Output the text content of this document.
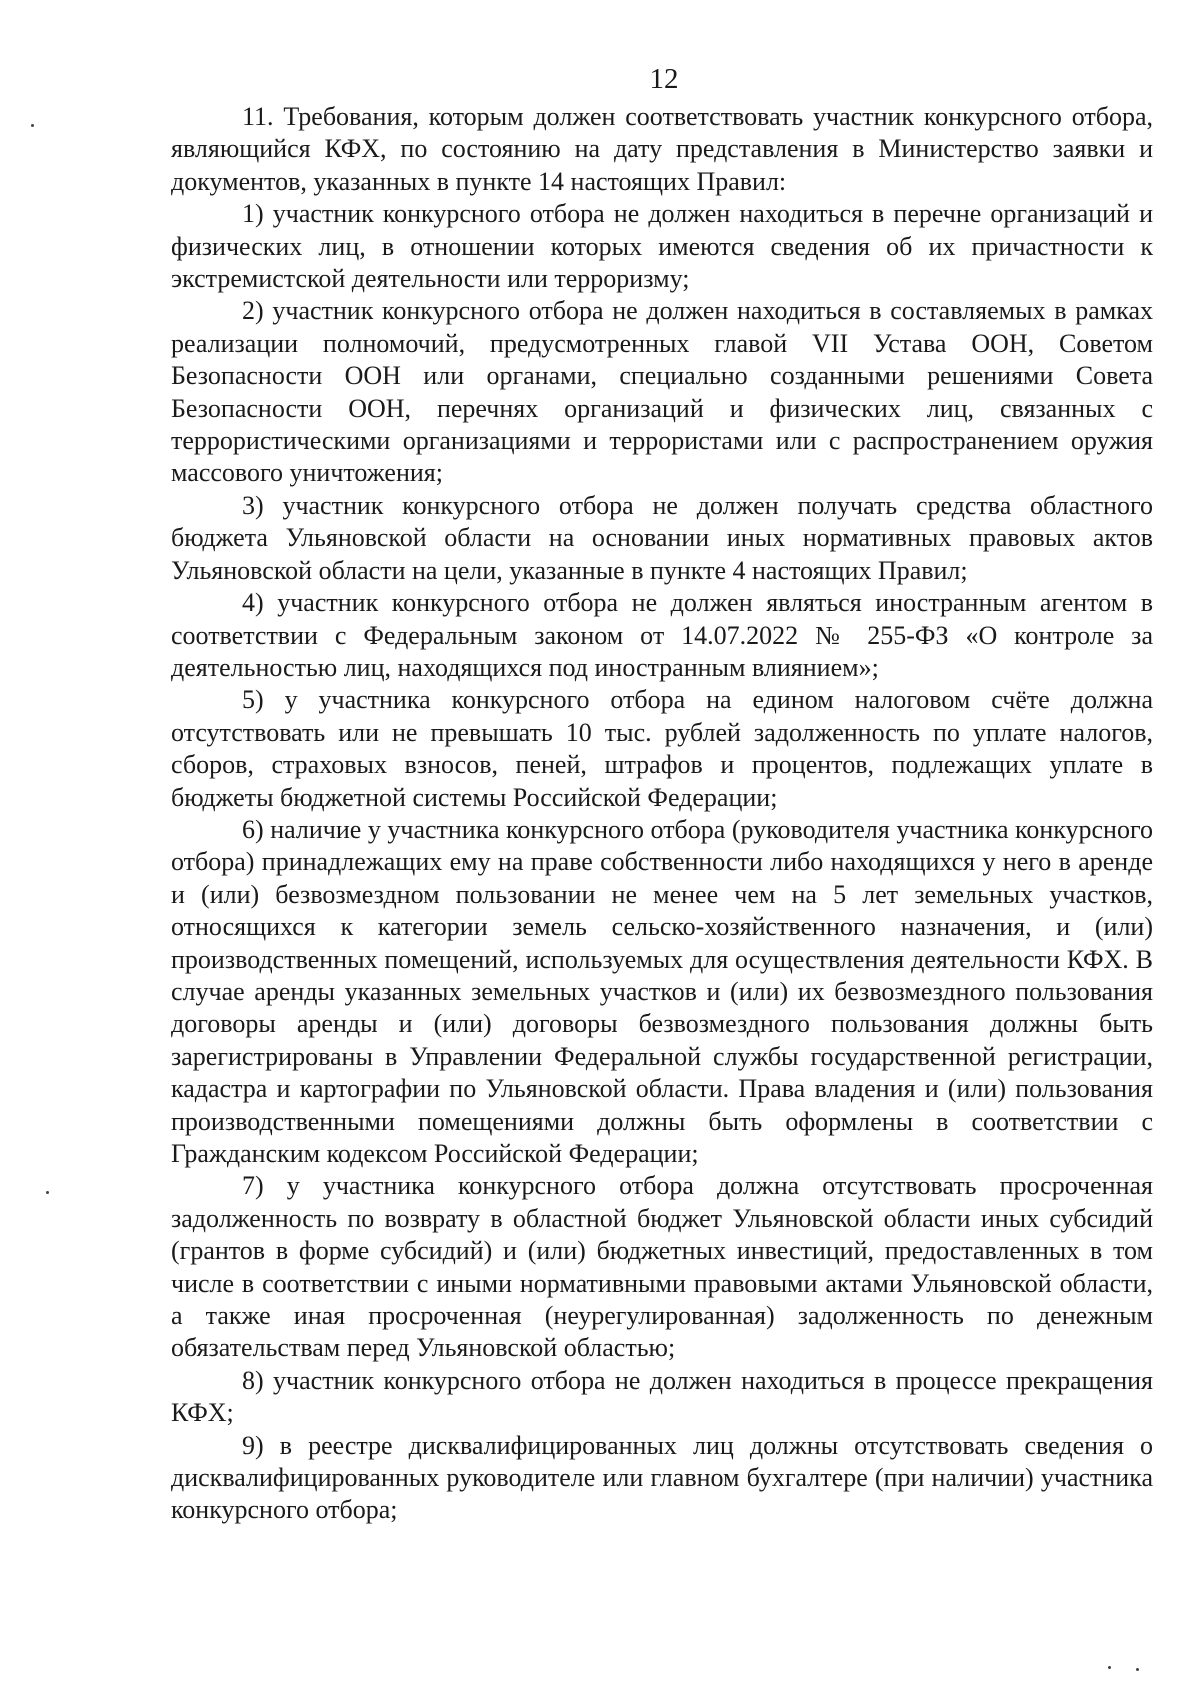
12

11. Требования, которым должен соответствовать участник конкурсного отбора, являющийся КФХ, по состоянию на дату представления в Министерство заявки и документов, указанных в пункте 14 настоящих Правил:

1) участник конкурсного отбора не должен находиться в перечне организаций и физических лиц, в отношении которых имеются сведения об их причастности к экстремистской деятельности или терроризму;

2) участник конкурсного отбора не должен находиться в составляемых в рамках реализации полномочий, предусмотренных главой VII Устава ООН, Советом Безопасности ООН или органами, специально созданными решениями Совета Безопасности ООН, перечнях организаций и физических лиц, связанных с террористическими организациями и террористами или с распространением оружия массового уничтожения;

3) участник конкурсного отбора не должен получать средства областного бюджета Ульяновской области на основании иных нормативных правовых актов Ульяновской области на цели, указанные в пункте 4 настоящих Правил;

4) участник конкурсного отбора не должен являться иностранным агентом в соответствии с Федеральным законом от 14.07.2022 № 255-ФЗ «О контроле за деятельностью лиц, находящихся под иностранным влиянием»;

5) у участника конкурсного отбора на едином налоговом счёте должна отсутствовать или не превышать 10 тыс. рублей задолженность по уплате налогов, сборов, страховых взносов, пеней, штрафов и процентов, подлежащих уплате в бюджеты бюджетной системы Российской Федерации;

6) наличие у участника конкурсного отбора (руководителя участника конкурсного отбора) принадлежащих ему на праве собственности либо находящихся у него в аренде и (или) безвозмездном пользовании не менее чем на 5 лет земельных участков, относящихся к категории земель сельско-хозяйственного назначения, и (или) производственных помещений, используемых для осуществления деятельности КФХ. В случае аренды указанных земельных участков и (или) их безвозмездного пользования договоры аренды и (или) договоры безвозмездного пользования должны быть зарегистрированы в Управлении Федеральной службы государственной регистрации, кадастра и картографии по Ульяновской области. Права владения и (или) пользования производственными помещениями должны быть оформлены в соответствии с Гражданским кодексом Российской Федерации;

7) у участника конкурсного отбора должна отсутствовать просроченная задолженность по возврату в областной бюджет Ульяновской области иных субсидий (грантов в форме субсидий) и (или) бюджетных инвестиций, предоставленных в том числе в соответствии с иными нормативными правовыми актами Ульяновской области, а также иная просроченная (неурегулированная) задолженность по денежным обязательствам перед Ульяновской областью;

8) участник конкурсного отбора не должен находиться в процессе прекращения КФХ;

9) в реестре дисквалифицированных лиц должны отсутствовать сведения о дисквалифицированных руководителе или главном бухгалтере (при наличии) участника конкурсного отбора;
